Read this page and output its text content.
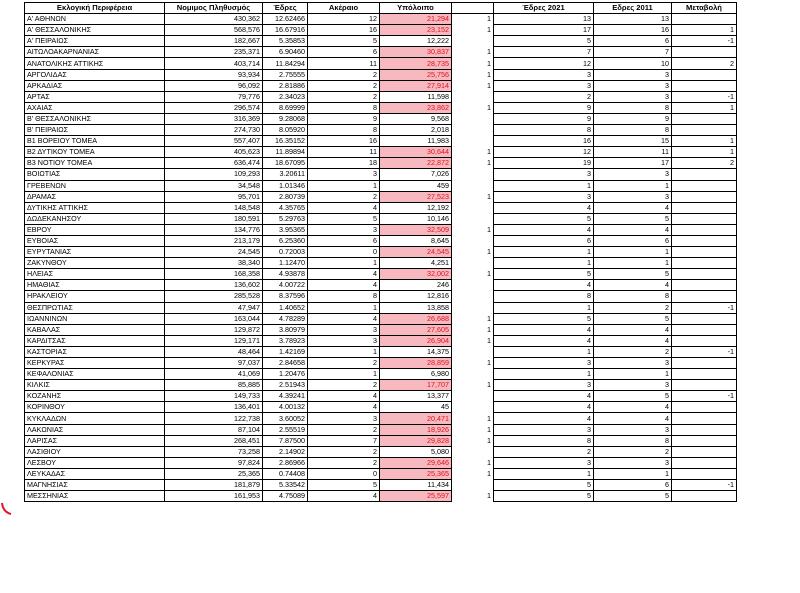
Εκλογική Περιφέρεια	Νομιμος Πληθυσμός	Έδρες	Ακέραιο	Υπόλοιπο		Έδρες 2021	Εδρες 2011	Μεταβολή
Α' ΑΘΗΝΩΝ	430,362	12.62466	12	21,294	1	13	13	
Α' ΘΕΣΣΑΛΟΝΙΚΗΣ	568,576	16.67916	16	23,152	1	17	16	1
Α' ΠΕΙΡΑΙΩΣ	182,667	5.35853	5	12,222		5	6	-1
ΑΙΤΩΛΟΑΚΑΡΝΑΝΙΑΣ	235,371	6.90460	6	30,837	1	7	7	
ΑΝΑΤΟΛΙΚΗΣ ΑΤΤΙΚΗΣ	403,714	11.84294	11	28,735	1	12	10	2
ΑΡΓΟΛΙΔΑΣ	93,934	2.75555	2	25,756	1	3	3	
ΑΡΚΑΔΙΑΣ	96,092	2.81886	2	27,914	1	3	3	
ΑΡΤΑΣ	79,776	2.34023	2	11,598		2	3	-1
ΑΧΑΙΑΣ	296,574	8.69999	8	23,862	1	9	8	1
Β' ΘΕΣΣΑΛΟΝΙΚΗΣ	316,369	9.28068	9	9,568		9	9	
Β' ΠΕΙΡΑΙΩΣ	274,730	8.05920	8	2,018		8	8	
Β1 ΒΟΡΕΙΟΥ ΤΟΜΕΑ	557,407	16.35152	16	11,983		16	15	1
Β2 ΔΥΤΙΚΟΥ ΤΟΜΕΑ	405,623	11.89894	11	30,644	1	12	11	1
Β3 ΝΟΤΙΟΥ ΤΟΜΕΑ	636,474	18.67095	18	22,872	1	19	17	2
ΒΟΙΩΤΙΑΣ	109,293	3.20611	3	7,026		3	3	
ΓΡΕΒΕΝΩΝ	34,548	1.01346	1	459		1	1	
ΔΡΑΜΑΣ	95,701	2.80739	2	27,523	1	3	3	
ΔΥΤΙΚΗΣ ΑΤΤΙΚΗΣ	148,548	4.35765	4	12,192		4	4	
ΔΩΔΕΚΑΝΗΣΟΥ	180,591	5.29763	5	10,146		5	5	
ΕΒΡΟΥ	134,776	3.95365	3	32,509	1	4	4	
ΕΥΒΟΙΑΣ	213,179	6.25360	6	8,645		6	6	
ΕΥΡΥΤΑΝΙΑΣ	24,545	0.72003	0	24,545	1	1	1	
ΖΑΚΥΝΘΟΥ	38,340	1.12470	1	4,251		1	1	
ΗΛΕΙΑΣ	168,358	4.93878	4	32,002	1	5	5	
ΗΜΑΘΙΑΣ	136,602	4.00722	4	246		4	4	
ΗΡΑΚΛΕΙΟΥ	285,528	8.37596	8	12,816		8	8	
ΘΕΣΠΡΩΤΙΑΣ	47,947	1.40652	1	13,858		1	2	-1
ΙΩΑΝΝΙΝΩΝ	163,044	4.78289	4	26,688	1	5	5	
ΚΑΒΑΛΑΣ	129,872	3.80979	3	27,605	1	4	4	
ΚΑΡΔΙΤΣΑΣ	129,171	3.78923	3	26,904	1	4	4	
ΚΑΣΤΟΡΙΑΣ	48,464	1.42169	1	14,375		1	2	-1
ΚΕΡΚΥΡΑΣ	97,037	2.84658	2	28,859	1	3	3	
ΚΕΦΑΛΟΝΙΑΣ	41,069	1.20476	1	6,980		1	1	
ΚΙΛΚΙΣ	85,885	2.51943	2	17,707	1	3	3	
ΚΟΖΑΝΗΣ	149,733	4.39241	4	13,377		4	5	-1
ΚΟΡΙΝΘΟΥ	136,401	4.00132	4	45		4	4	
ΚΥΚΛΑΔΩΝ	122,738	3.60052	3	20,471	1	4	4	
ΛΑΚΩΝΙΑΣ	87,104	2.55519	2	18,926	1	3	3	
ΛΑΡΙΣΑΣ	268,451	7.87500	7	29,828	1	8	8	
ΛΑΣΙΘΙΟΥ	73,258	2.14902	2	5,080		2	2	
ΛΕΣΒΟΥ	97,824	2.86966	2	29,646	1	3	3	
ΛΕΥΚΑΔΑΣ	25,365	0.74408	0	25,365	1	1	1	
ΜΑΓΝΗΣΙΑΣ	181,879	5.33542	5	11,434		5	6	-1
ΜΕΣΣΗΝΙΑΣ	161,953	4.75089	4	25,597	1	5	5	
